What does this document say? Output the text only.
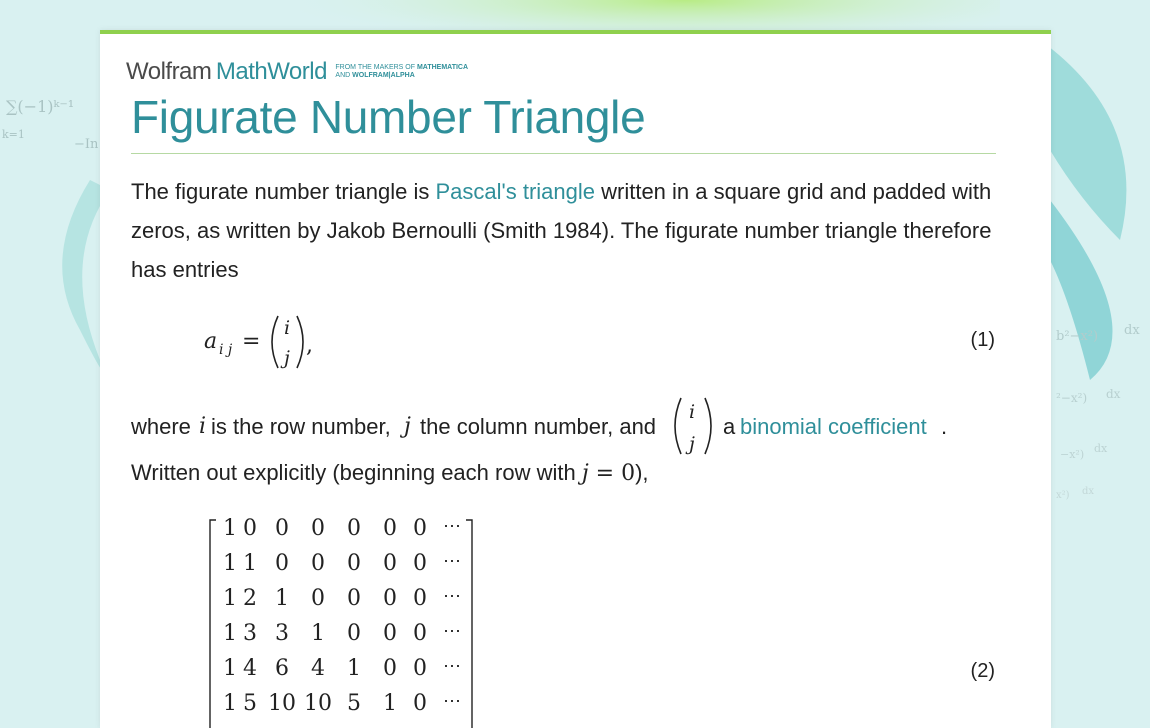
∑(−1)ᵏ⁻¹
k=1
−In
b²−x²) dx
²−x²) dx
−x²) dx
x²) dx
Wolfram MathWorld FROM THE MAKERS OF MATHEMATICA
AND WOLFRAM|ALPHA
Figurate Number Triangle

The figurate number triangle is Pascal's triangle written in a square grid and padded with zeros, as written by Jakob Bernoulli (Smith 1984). The figurate number triangle therefore has entries

a i j =
i
j ,	(1)
where i is the row number, j the column number, and
i
j
a binomial coefficient .
Written out explicitly (beginning each row with j = 0),
1 0 0	0	0	0 0 ⋯
1 1 0	0	0	0 0 ⋯
1 2 1	0	0	0 0 ⋯
1 3 3	1	0	0 0 ⋯
1 4 6	4	1	0 0 ⋯
1 5 10 10 5	1 0 ⋯
(2)
